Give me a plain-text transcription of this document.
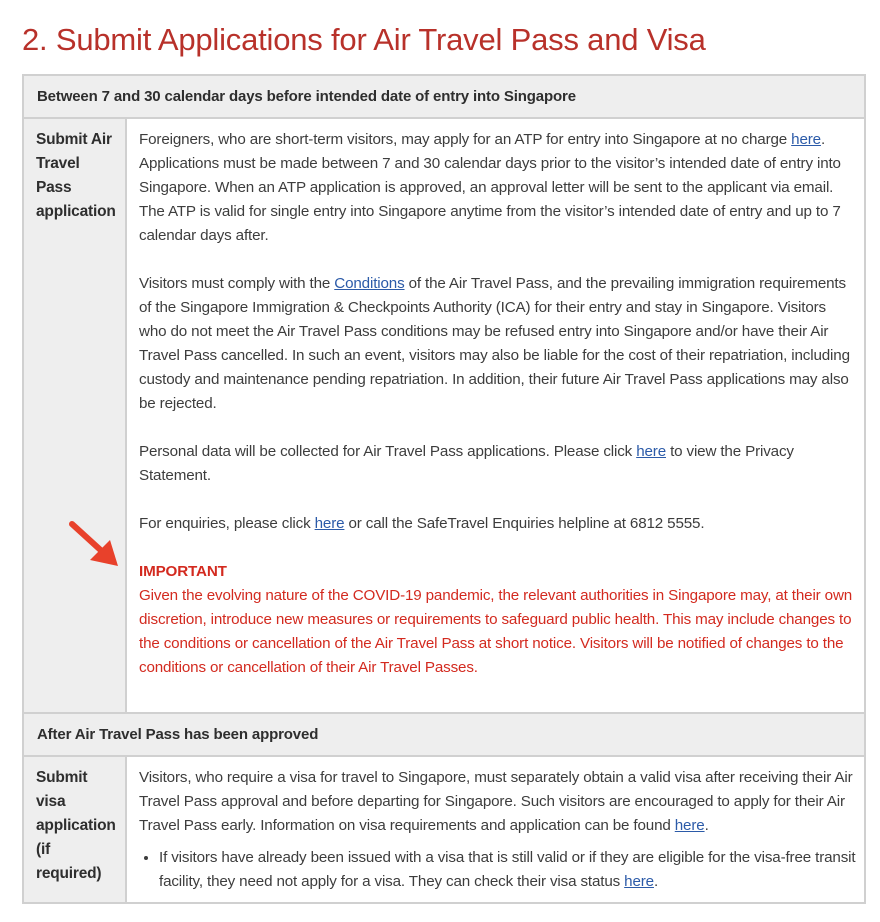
2. Submit Applications for Air Travel Pass and Visa
Between 7 and 30 calendar days before intended date of entry into Singapore
Submit Air Travel Pass application

Foreigners, who are short-term visitors, may apply for an ATP for entry into Singapore at no charge here. Applications must be made between 7 and 30 calendar days prior to the visitor’s intended date of entry into Singapore. When an ATP application is approved, an approval letter will be sent to the applicant via email. The ATP is valid for single entry into Singapore anytime from the visitor’s intended date of entry and up to 7 calendar days after.

Visitors must comply with the Conditions of the Air Travel Pass, and the prevailing immigration requirements of the Singapore Immigration & Checkpoints Authority (ICA) for their entry and stay in Singapore. Visitors who do not meet the Air Travel Pass conditions may be refused entry into Singapore and/or have their Air Travel Pass cancelled. In such an event, visitors may also be liable for the cost of their repatriation, including custody and maintenance pending repatriation. In addition, their future Air Travel Pass applications may also be rejected.

Personal data will be collected for Air Travel Pass applications. Please click here to view the Privacy Statement.

For enquiries, please click here or call the SafeTravel Enquiries helpline at 6812 5555.

IMPORTANT

Given the evolving nature of the COVID-19 pandemic, the relevant authorities in Singapore may, at their own discretion, introduce new measures or requirements to safeguard public health. This may include changes to the conditions or cancellation of the Air Travel Pass at short notice. Visitors will be notified of changes to the conditions or cancellation of their Air Travel Passes.

After Air Travel Pass has been approved
Submit visa application (if required)

Visitors, who require a visa for travel to Singapore, must separately obtain a valid visa after receiving their Air Travel Pass approval and before departing for Singapore. Such visitors are encouraged to apply for their Air Travel Pass early. Information on visa requirements and application can be found here.

• If visitors have already been issued with a visa that is still valid or if they are eligible for the visa-free transit facility, they need not apply for a visa. They can check their visa status here.
